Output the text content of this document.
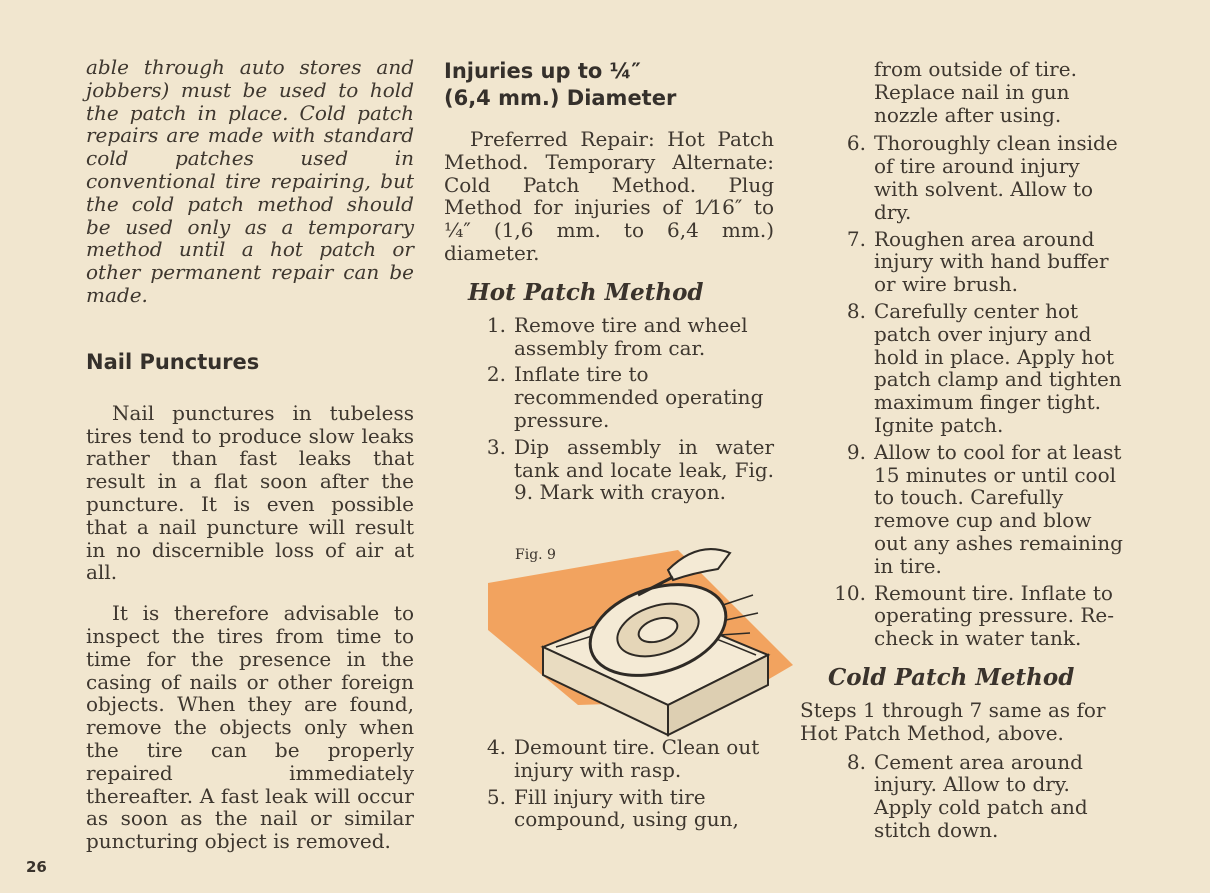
able through auto stores and jobbers) must be used to hold the patch in place. Cold patch repairs are made with standard cold patches used in conventional tire repairing, but the cold patch method should be used only as a temporary method until a hot patch or other permanent repair can be made.

Nail Punctures

Nail punctures in tubeless tires tend to produce slow leaks rather than fast leaks that result in a flat soon after the puncture. It is even possible that a nail puncture will result in no discernible loss of air at all.

It is therefore advisable to inspect the tires from time to time for the presence in the casing of nails or other foreign objects. When they are found, remove the objects only when the tire can be properly repaired immediately thereafter. A fast leak will occur as soon as the nail or similar puncturing object is removed.

Injuries up to ¼″
(6,4 mm.) Diameter

Preferred Repair: Hot Patch Method. Temporary Alternate: Cold Patch Method. Plug Method for injuries of 1⁄16″ to ¼″ (1,6 mm. to 6,4 mm.) diameter.

Hot Patch Method
1. Remove tire and wheel assembly from car.
2. Inflate tire to recommended operating pressure.
3. Dip assembly in water tank and locate leak, Fig. 9. Mark with crayon.
Fig. 9
4. Demount tire. Clean out injury with rasp.
5. Fill injury with tire compound, using gun,

from outside of tire. Replace nail in gun nozzle after using.

6. Thoroughly clean inside of tire around injury with solvent. Allow to dry.
7. Roughen area around injury with hand buffer or wire brush.
8. Carefully center hot patch over injury and hold in place. Apply hot patch clamp and tighten maximum finger tight. Ignite patch.
9. Allow to cool for at least 15 minutes or until cool to touch. Carefully remove cup and blow out any ashes remaining in tire.
10. Remount tire. Inflate to operating pressure. Re-check in water tank.
Cold Patch Method

Steps 1 through 7 same as for Hot Patch Method, above.

8. Cement area around injury. Allow to dry. Apply cold patch and stitch down.
26
